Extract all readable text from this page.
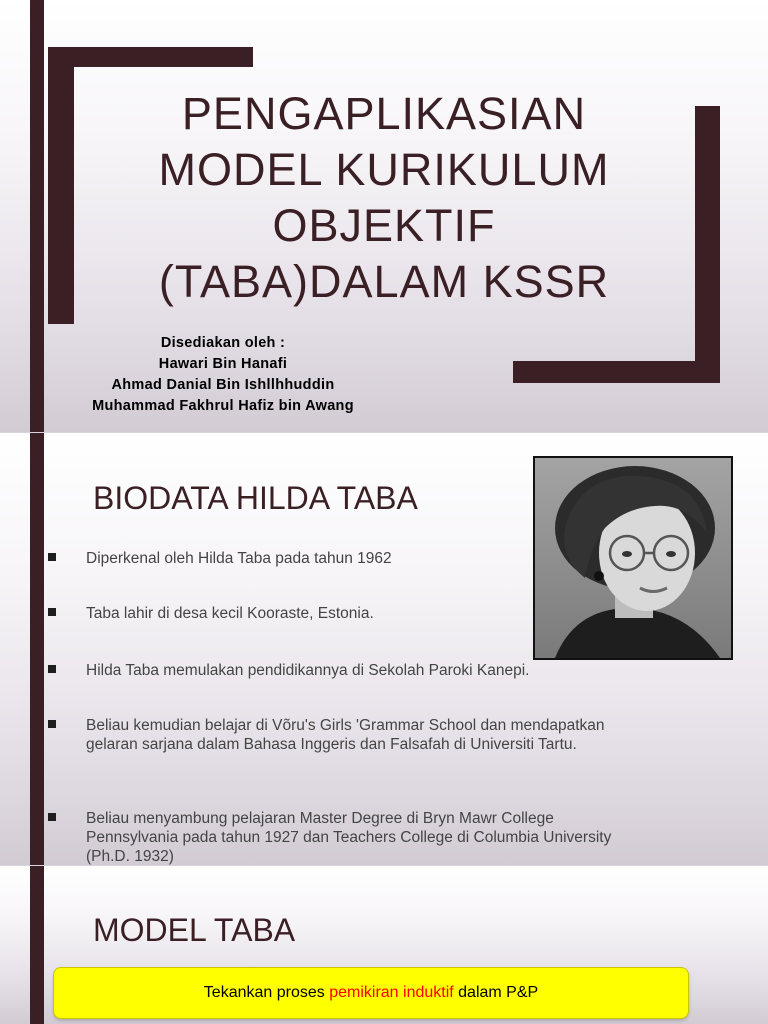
PENGAPLIKASIAN
MODEL KURIKULUM
OBJEKTIF
(TABA)DALAM KSSR
Disediakan oleh :
Hawari Bin Hanafi
Ahmad Danial Bin Ishllhhuddin
Muhammad Fakhrul Hafiz bin Awang
BIODATA HILDA TABA
Diperkenal oleh Hilda Taba pada tahun 1962
Taba lahir di desa kecil Kooraste, Estonia.
Hilda Taba memulakan pendidikannya di Sekolah Paroki Kanepi.
Beliau kemudian belajar di Võru's Girls 'Grammar School dan mendapatkan gelaran sarjana dalam Bahasa Inggeris dan Falsafah di Universiti Tartu.
Beliau menyambung pelajaran Master Degree di Bryn Mawr College Pennsylvania pada tahun 1927 dan Teachers College di Columbia University (Ph.D. 1932)
MODEL TABA
Tekankan proses pemikiran induktif dalam P&P
